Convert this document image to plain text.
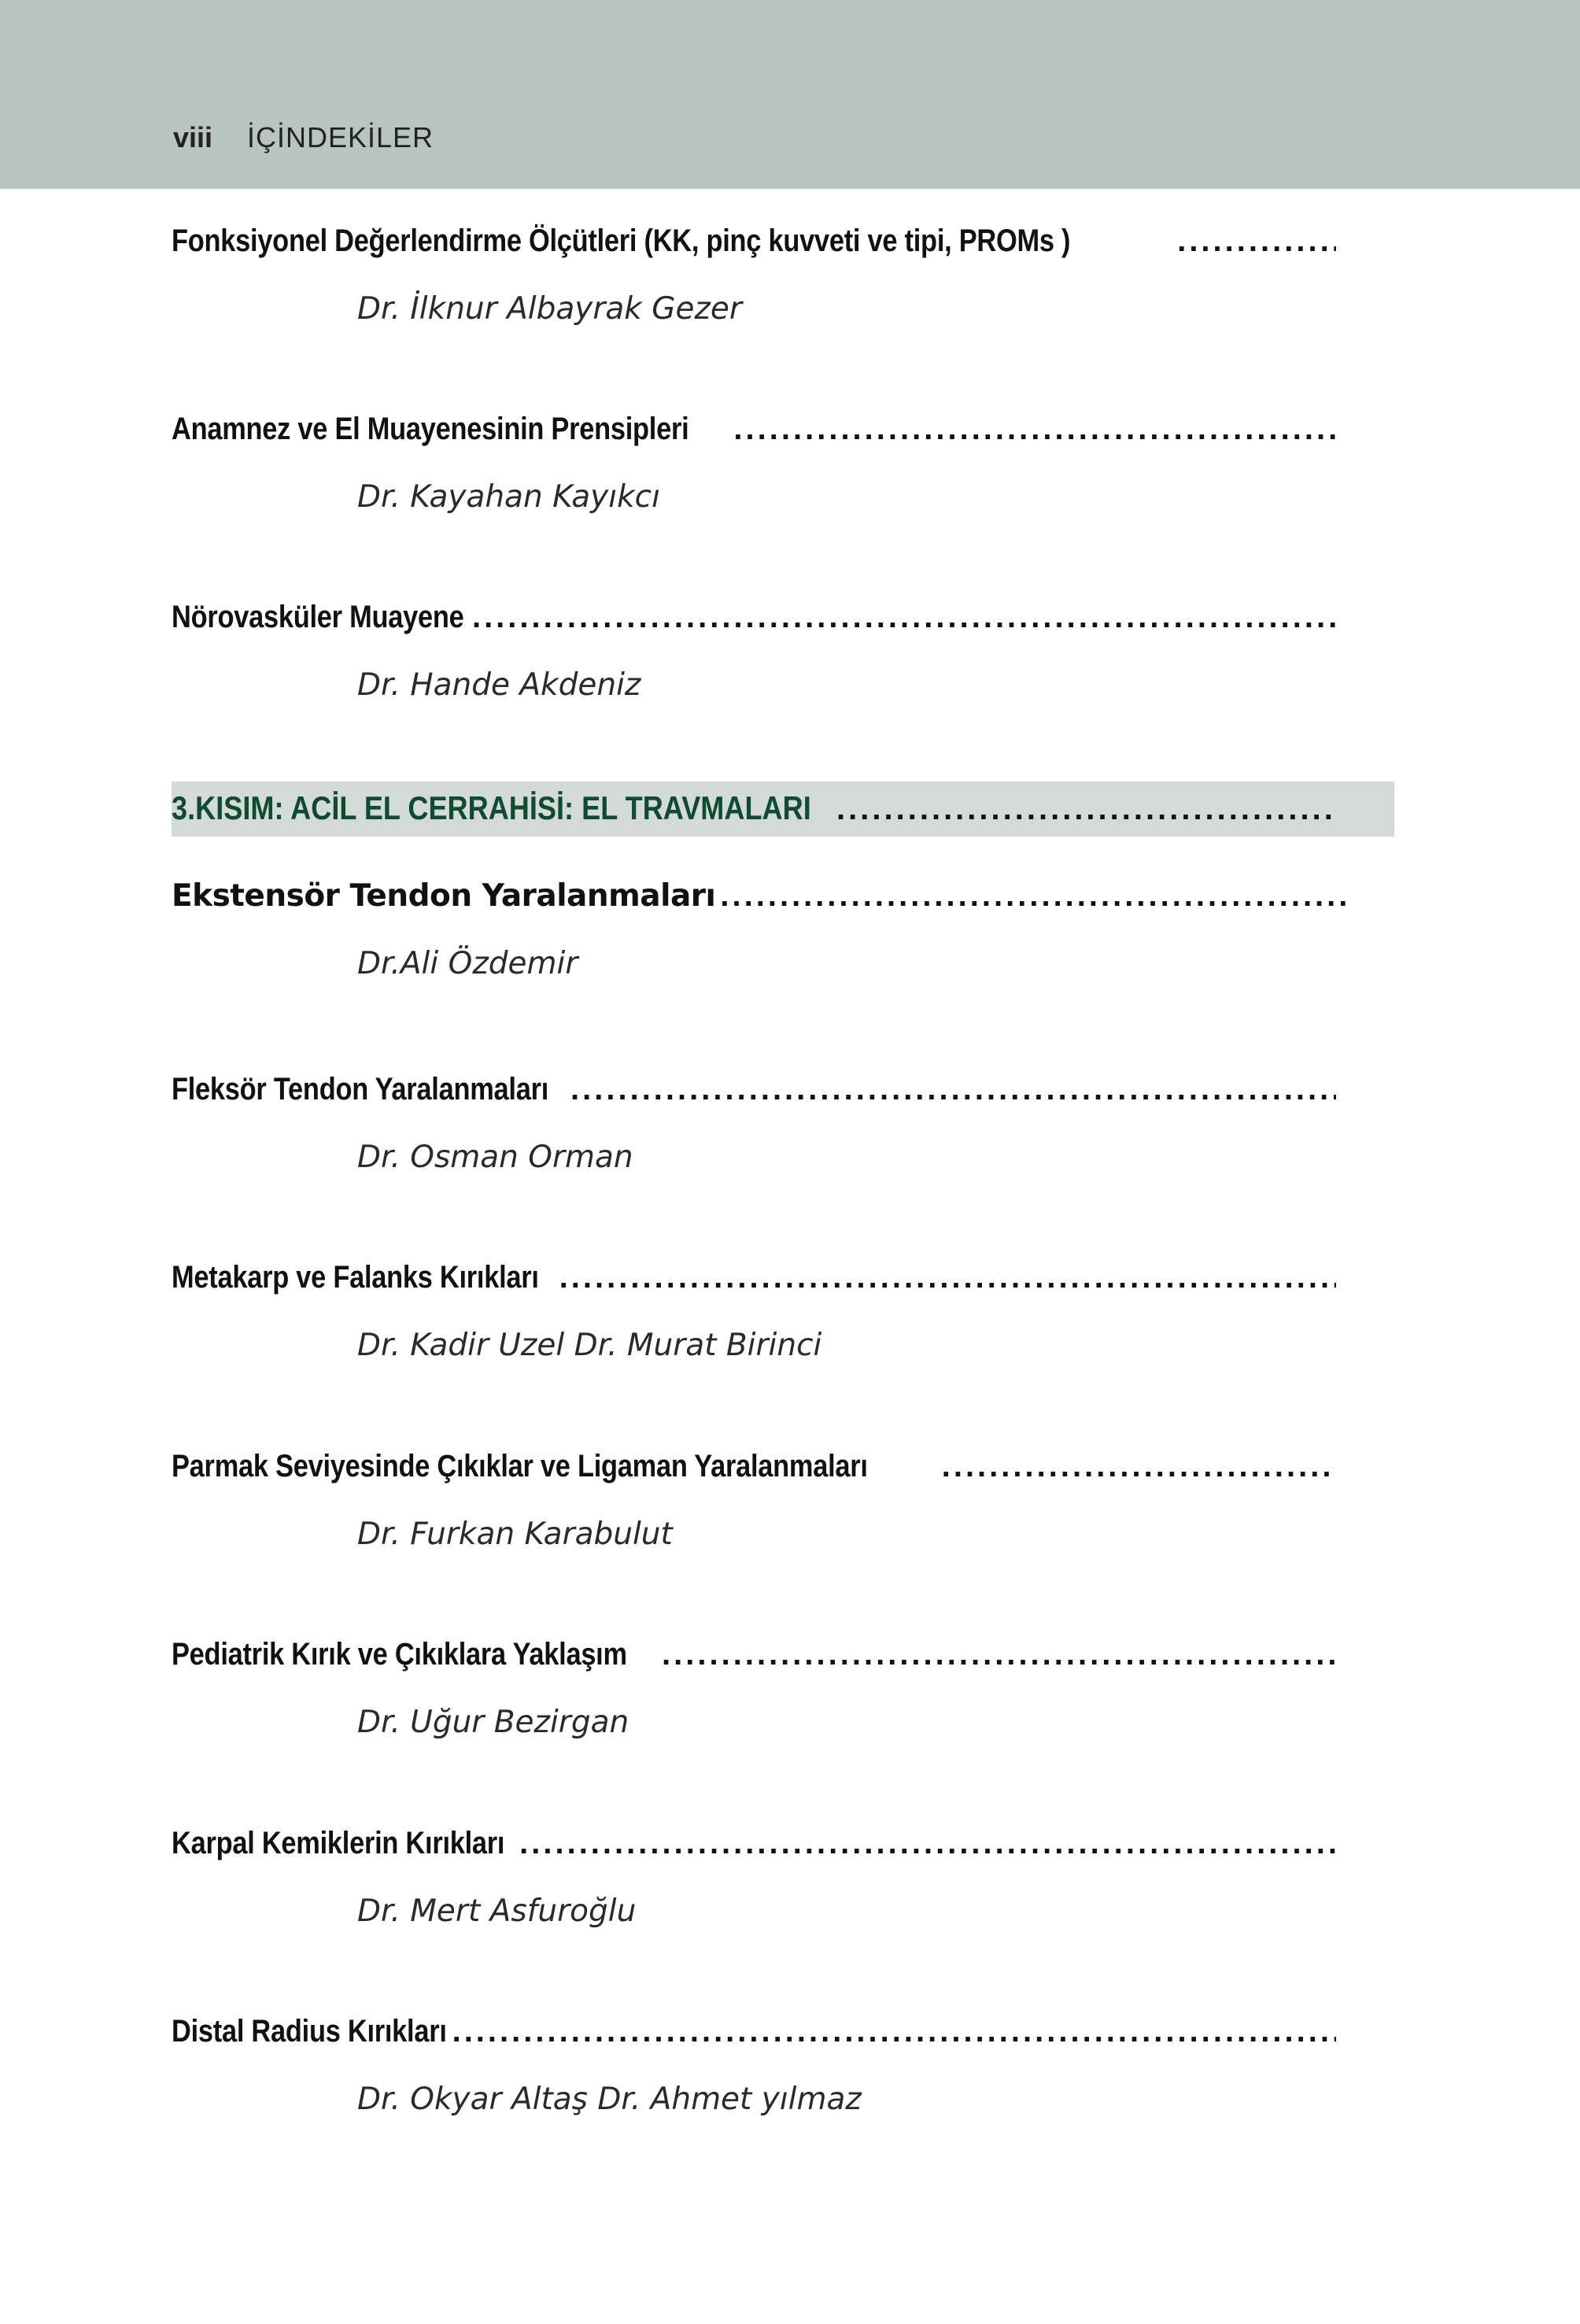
viii İÇİNDEKİLER
Fonksiyonel Değerlendirme Ölçütleri (KK, pinç kuvveti ve tipi, PROMs )
.....
Dr. İlknur Albayrak Gezer
Anamnez ve El Muayenesinin Prensipleri
.....
Dr. Kayahan Kayıkcı
Nörovasküler Muayene
.....
Dr. Hande Akdeniz
3.KISIM: ACİL EL CERRAHİSİ: EL TRAVMALARI
.....
Ekstensör Tendon Yaralanmaları
.....
Dr.Ali Özdemir
Fleksör Tendon Yaralanmaları
.....
Dr. Osman Orman
Metakarp ve Falanks Kırıkları
.....
Dr. Kadir Uzel Dr. Murat Birinci
Parmak Seviyesinde Çıkıklar ve Ligaman Yaralanmaları
.....
Dr. Furkan Karabulut
Pediatrik Kırık ve Çıkıklara Yaklaşım
.....
Dr. Uğur Bezirgan
Karpal Kemiklerin Kırıkları
.....
Dr. Mert Asfuroğlu
Distal Radius Kırıkları
.....
Dr. Okyar Altaş Dr. Ahmet yılmaz
